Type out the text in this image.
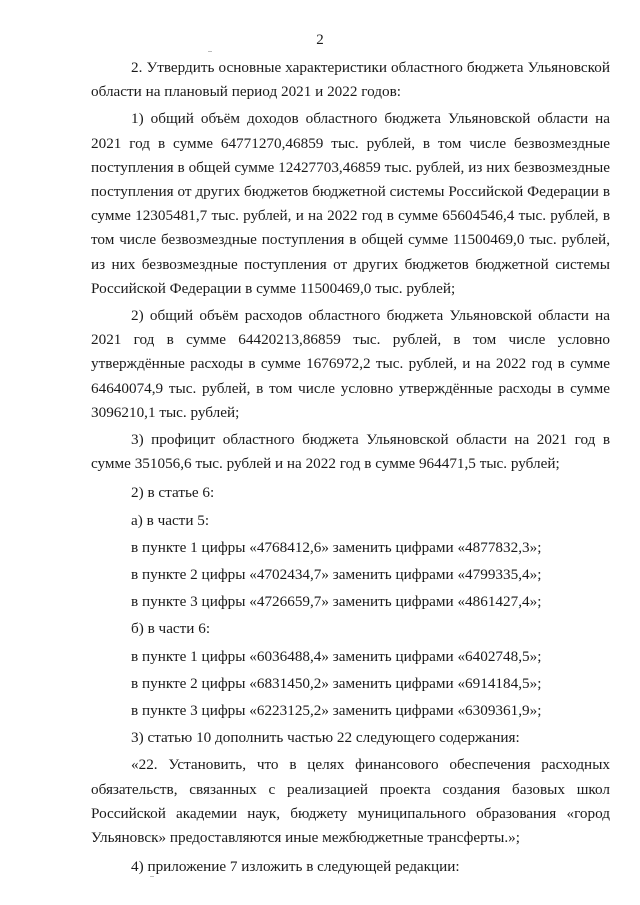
2

2. Утвердить основные характеристики областного бюджета Ульяновской области на плановый период 2021 и 2022 годов:

1) общий объём доходов областного бюджета Ульяновской области на 2021 год в сумме 64771270,46859 тыс. рублей, в том числе безвозмездные поступления в общей сумме 12427703,46859 тыс. рублей, из них безвозмездные поступления от других бюджетов бюджетной системы Российской Федерации в сумме 12305481,7 тыс. рублей, и на 2022 год в сумме 65604546,4 тыс. рублей, в том числе безвозмездные поступления в общей сумме 11500469,0 тыс. рублей, из них безвозмездные поступления от других бюджетов бюджетной системы Российской Федерации в сумме 11500469,0 тыс. рублей;

2) общий объём расходов областного бюджета Ульяновской области на 2021 год в сумме 64420213,86859 тыс. рублей, в том числе условно утверждённые расходы в сумме 1676972,2 тыс. рублей, и на 2022 год в сумме 64640074,9 тыс. рублей, в том числе условно утверждённые расходы в сумме 3096210,1 тыс. рублей;

3) профицит областного бюджета Ульяновской области на 2021 год в сумме 351056,6 тыс. рублей и на 2022 год в сумме 964471,5 тыс. рублей;

2) в статье 6:

а) в части 5:

в пункте 1 цифры «4768412,6» заменить цифрами «4877832,3»;

в пункте 2 цифры «4702434,7» заменить цифрами «4799335,4»;

в пункте 3 цифры «4726659,7» заменить цифрами «4861427,4»;

б) в части 6:

в пункте 1 цифры «6036488,4» заменить цифрами «6402748,5»;

в пункте 2 цифры «6831450,2» заменить цифрами «6914184,5»;

в пункте 3 цифры «6223125,2» заменить цифрами «6309361,9»;

3) статью 10 дополнить частью 22 следующего содержания:

«22. Установить, что в целях финансового обеспечения расходных обязательств, связанных с реализацией проекта создания базовых школ Российской академии наук, бюджету муниципального образования «город Ульяновск» предоставляются иные межбюджетные трансферты.»;

4) приложение 7 изложить в следующей редакции:
